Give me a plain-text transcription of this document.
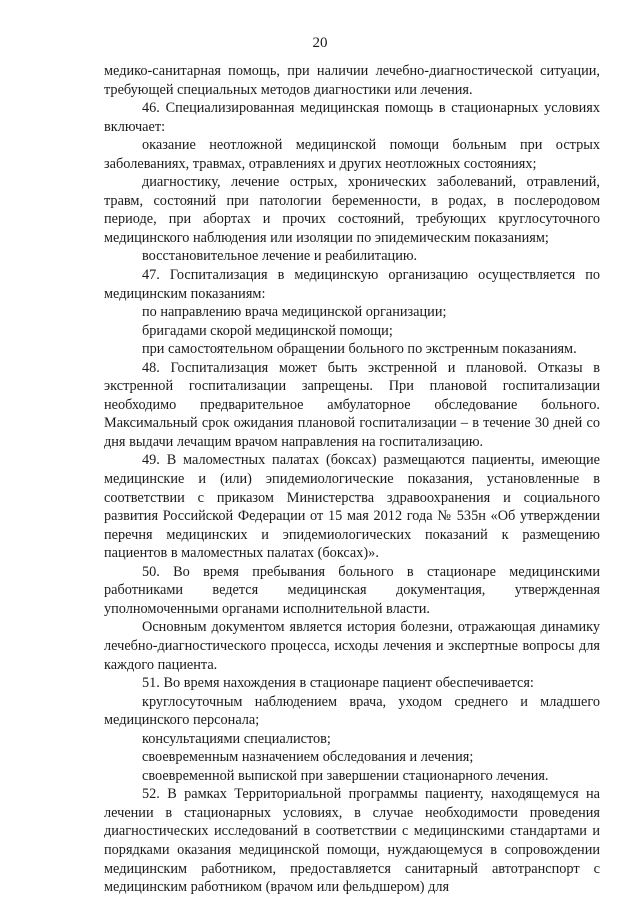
20

медико-санитарная помощь, при наличии лечебно-диагностической ситуации, требующей специальных методов диагностики или лечения.

46. Специализированная медицинская помощь в стационарных условиях включает:

оказание неотложной медицинской помощи больным при острых заболеваниях, травмах, отравлениях и других неотложных состояниях;

диагностику, лечение острых, хронических заболеваний, отравлений, травм, состояний при патологии беременности, в родах, в послеродовом периоде, при абортах и прочих состояний, требующих круглосуточного медицинского наблюдения или изоляции по эпидемическим показаниям;

восстановительное лечение и реабилитацию.

47. Госпитализация в медицинскую организацию осуществляется по медицинским показаниям:

по направлению врача медицинской организации;

бригадами скорой медицинской помощи;

при самостоятельном обращении больного по экстренным показаниям.

48. Госпитализация может быть экстренной и плановой. Отказы в экстренной госпитализации запрещены. При плановой госпитализации необходимо предварительное амбулаторное обследование больного. Максимальный срок ожидания плановой госпитализации – в течение 30 дней со дня выдачи лечащим врачом направления на госпитализацию.

49. В маломестных палатах (боксах) размещаются пациенты, имеющие медицинские и (или) эпидемиологические показания, установленные в соответствии с приказом Министерства здравоохранения и социального развития Российской Федерации от 15 мая 2012 года № 535н «Об утверждении перечня медицинских и эпидемиологических показаний к размещению пациентов в маломестных палатах (боксах)».

50. Во время пребывания больного в стационаре медицинскими работниками ведется медицинская документация, утвержденная уполномоченными органами исполнительной власти.

Основным документом является история болезни, отражающая динамику лечебно-диагностического процесса, исходы лечения и экспертные вопросы для каждого пациента.

51. Во время нахождения в стационаре пациент обеспечивается:

круглосуточным наблюдением врача, уходом среднего и младшего медицинского персонала;

консультациями специалистов;

своевременным назначением обследования и лечения;

своевременной выпиской при завершении стационарного лечения.

52. В рамках Территориальной программы пациенту, находящемуся на лечении в стационарных условиях, в случае необходимости проведения диагностических исследований в соответствии с медицинскими стандартами и порядками оказания медицинской помощи, нуждающемуся в сопровождении медицинским работником, предоставляется санитарный автотранспорт с медицинским работником (врачом или фельдшером) для
